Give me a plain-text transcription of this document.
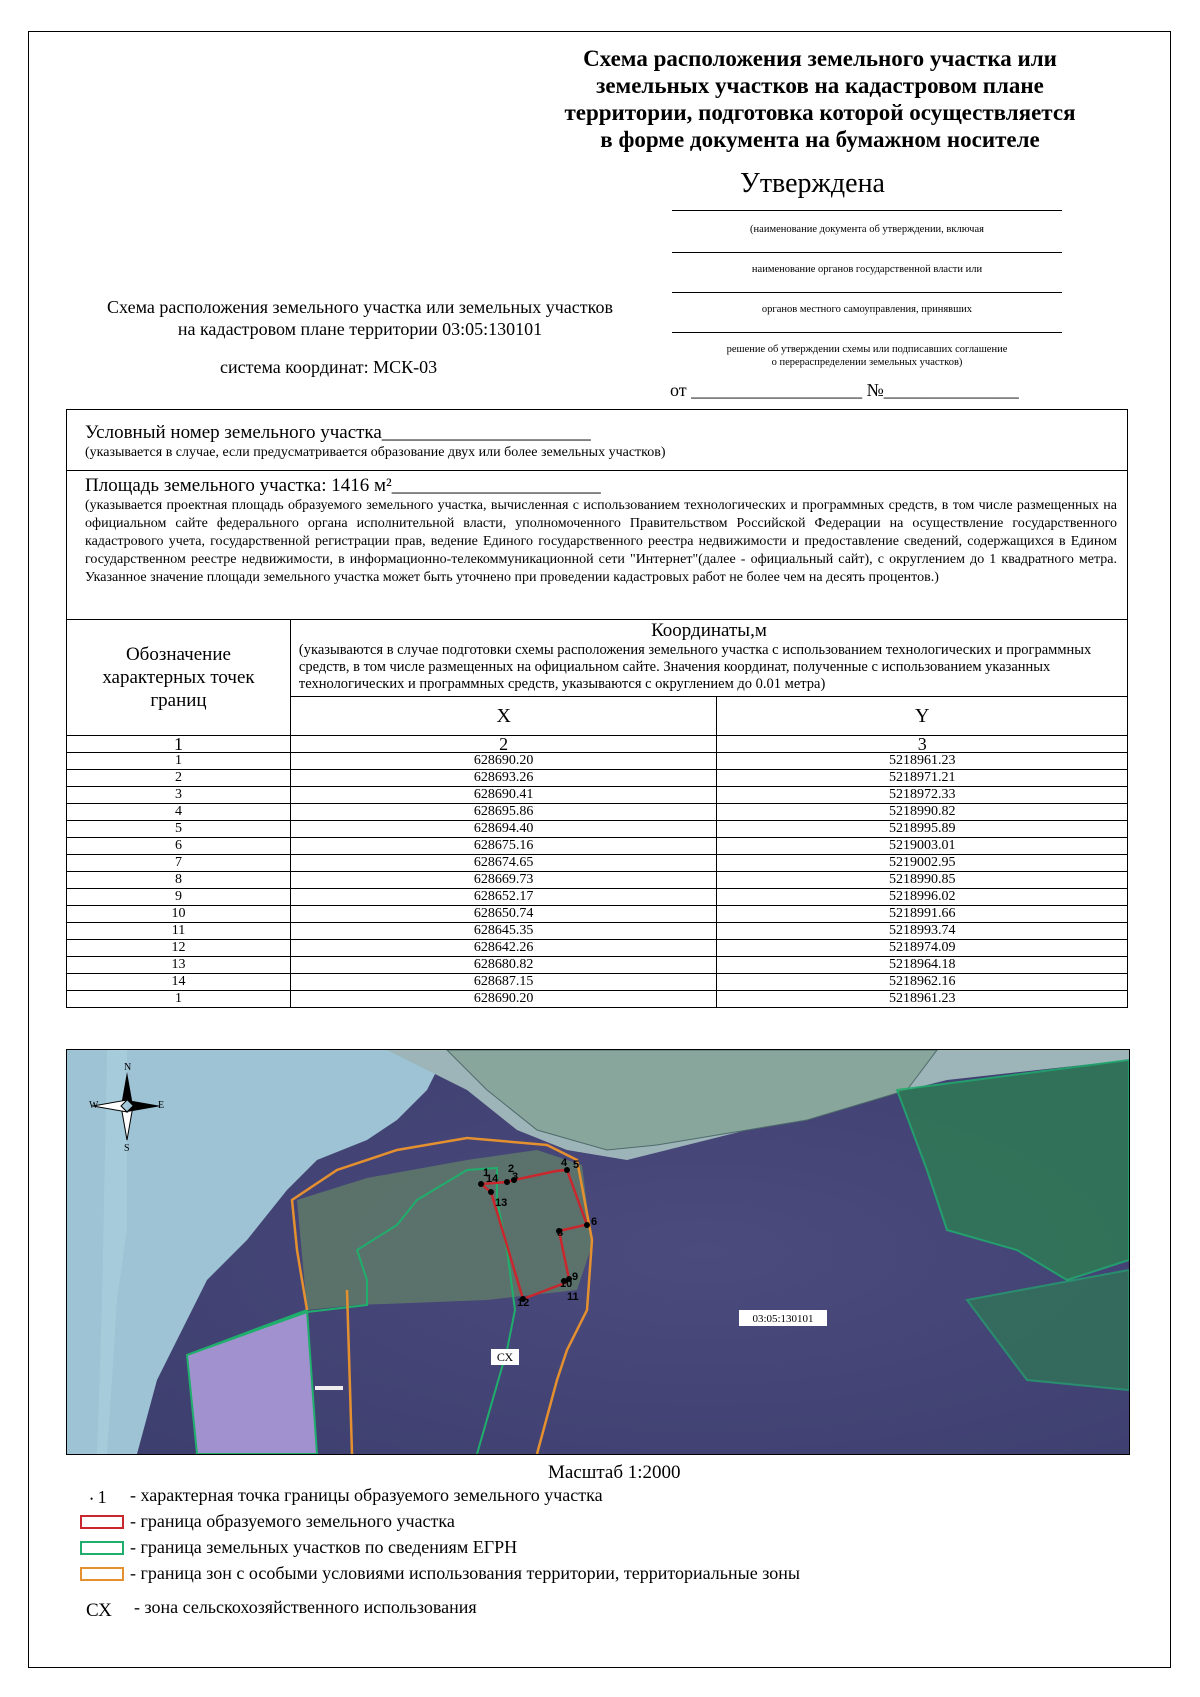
Схема расположения земельного участка или
земельных участков на кадастровом плане
территории, подготовка которой осуществляется
в форме документа на бумажном носителе
Утверждена
(наименование документа об утверждении, включая
наименование органов государственной власти или
органов местного самоуправления, принявших
решение об утверждении схемы или подписавших соглашение
о перераспределении земельных участков)
от ___________________ №_______________
Схема расположения земельного участка или земельных участков
на кадастровом плане территории 03:05:130101
система координат: МСК-03
Условный номер земельного участка______________________
(указывается в случае, если предусматривается образование двух или более земельных участков)		

Площадь земельного участка: 1416 м²______________________
(указывается проектная площадь образуемого земельного участка, вычисленная с использованием технологических и программных средств, в том числе размещенных на официальном сайте федерального органа исполнительной власти, уполномоченного Правительством Российской Федерации на осуществление государственного кадастрового учета, государственной регистрации прав, ведение Единого государственного реестра недвижимости и предоставление сведений, содержащихся в Едином государственном реестре недвижимости, в информационно-телекоммуникационной сети "Интернет"(далее - официальный сайт), с округлением до 1 квадратного метра. Указанное значение площади земельного участка может быть уточнено при проведении кадастровых работ не более чем на десять процентов.)		

Обозначение характерных точек границ	Координаты,м
(указываются в случае подготовки схемы расположения земельного участка с использованием технологических и программных средств, в том числе размещенных на официальном сайте. Значения координат, полученные с использованием указанных технологических и программных средств, указываются с округлением до 0.01 метра)	

	X	Y
1	2	3
1	628690.20	5218961.23
2	628693.26	5218971.21
3	628690.41	5218972.33
4	628695.86	5218990.82
5	628694.40	5218995.89
6	628675.16	5219003.01
7	628674.65	5219002.95
8	628669.73	5218990.85
9	628652.17	5218996.02
10	628650.74	5218991.66
11	628645.35	5218993.74
12	628642.26	5218974.09
13	628680.82	5218964.18
14	628687.15	5218962.16
1	628690.20	5218961.23
1
14
2
3
4 5
13
6
8
9
10
11
12
03:05:130101
СХ
N
S
W	E
Масштаб 1:2000
• 1 - характерная точка границы образуемого земельного участка
- граница образуемого земельного участка
- граница земельных участков по сведениям ЕГРН
- граница зон с особыми условиями использования территории, территориальные зоны
СХ - зона сельскохозяйственного использования
